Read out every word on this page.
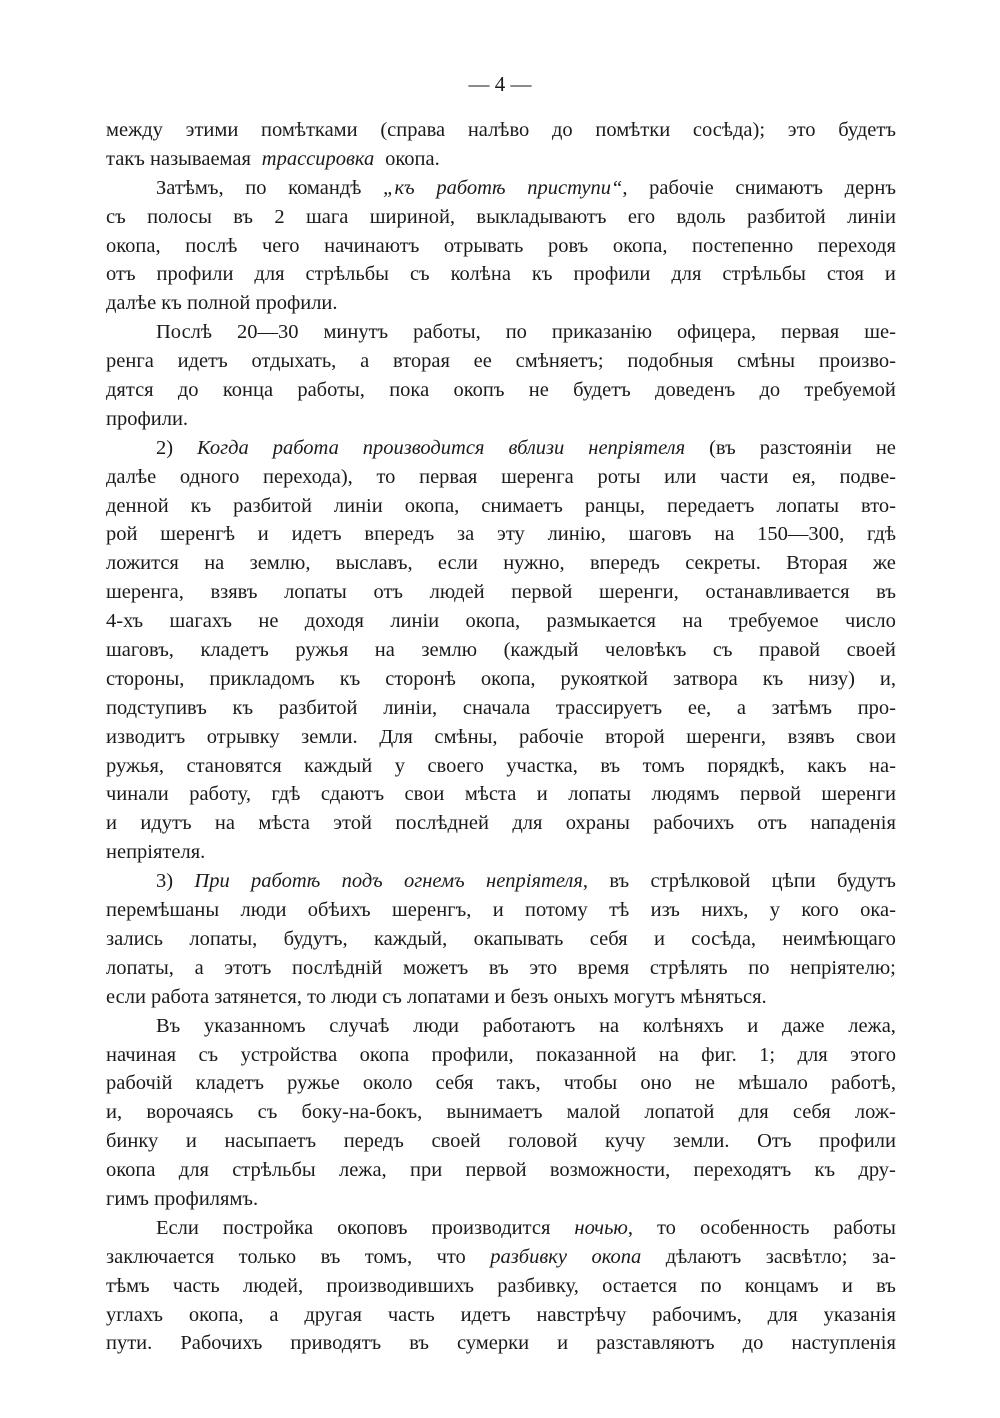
— 4 —
между этими помѣтками (справа налѣво до помѣтки сосѣда); это будетъ
такъ называемая трассировка окопа.
Затѣмъ, по командѣ „къ работѣ приступи“, рабочіе снимаютъ дернъ
съ полосы въ 2 шага шириной, выкладываютъ его вдоль разбитой линіи
окопа, послѣ чего начинаютъ отрывать ровъ окопа, постепенно переходя
отъ профили для стрѣльбы съ колѣна къ профили для стрѣльбы стоя и
далѣе къ полной профили.
Послѣ 20—30 минутъ работы, по приказанію офицера, первая ше-
ренга идетъ отдыхать, а вторая ее смѣняетъ; подобныя смѣны произво-
дятся до конца работы, пока окопъ не будетъ доведенъ до требуемой
профили.
2) Когда работа производится вблизи непріятеля (въ разстояніи не
далѣе одного перехода), то первая шеренга роты или части ея, подве-
денной къ разбитой линіи окопа, снимаетъ ранцы, передаетъ лопаты вто-
рой шеренгѣ и идетъ впередъ за эту линію, шаговъ на 150—300, гдѣ
ложится на землю, выславъ, если нужно, впередъ секреты. Вторая же
шеренга, взявъ лопаты отъ людей первой шеренги, останавливается въ
4-хъ шагахъ не доходя линіи окопа, размыкается на требуемое число
шаговъ, кладетъ ружья на землю (каждый человѣкъ съ правой своей
стороны, прикладомъ къ сторонѣ окопа, рукояткой затвора къ низу) и,
подступивъ къ разбитой линіи, сначала трассируетъ ее, а затѣмъ про-
изводитъ отрывку земли. Для смѣны, рабочіе второй шеренги, взявъ свои
ружья, становятся каждый у своего участка, въ томъ порядкѣ, какъ на-
чинали работу, гдѣ сдаютъ свои мѣста и лопаты людямъ первой шеренги
и идутъ на мѣста этой послѣдней для охраны рабочихъ отъ нападенія
непріятеля.
3) При работѣ подъ огнемъ непріятеля, въ стрѣлковой цѣпи будутъ
перемѣшаны люди обѣихъ шеренгъ, и потому тѣ изъ нихъ, у кого ока-
зались лопаты, будутъ, каждый, окапывать себя и сосѣда, неимѣющаго
лопаты, а этотъ послѣдній можетъ въ это время стрѣлять по непріятелю;
если работа затянется, то люди съ лопатами и безъ оныхъ могутъ мѣняться.
Въ указанномъ случаѣ люди работаютъ на колѣняхъ и даже лежа,
начиная съ устройства окопа профили, показанной на фиг. 1; для этого
рабочій кладетъ ружье около себя такъ, чтобы оно не мѣшало работѣ,
и, ворочаясь съ боку-на-бокъ, вынимаетъ малой лопатой для себя лож-
бинку и насыпаетъ передъ своей головой кучу земли. Отъ профили
окопа для стрѣльбы лежа, при первой возможности, переходятъ къ дру-
гимъ профилямъ.
Если постройка окоповъ производится ночью, то особенность работы
заключается только въ томъ, что разбивку окопа дѣлаютъ засвѣтло; за-
тѣмъ часть людей, производившихъ разбивку, остается по концамъ и въ
углахъ окопа, а другая часть идетъ навстрѣчу рабочимъ, для указанія
пути. Рабочихъ приводятъ въ сумерки и разставляютъ до наступленія
